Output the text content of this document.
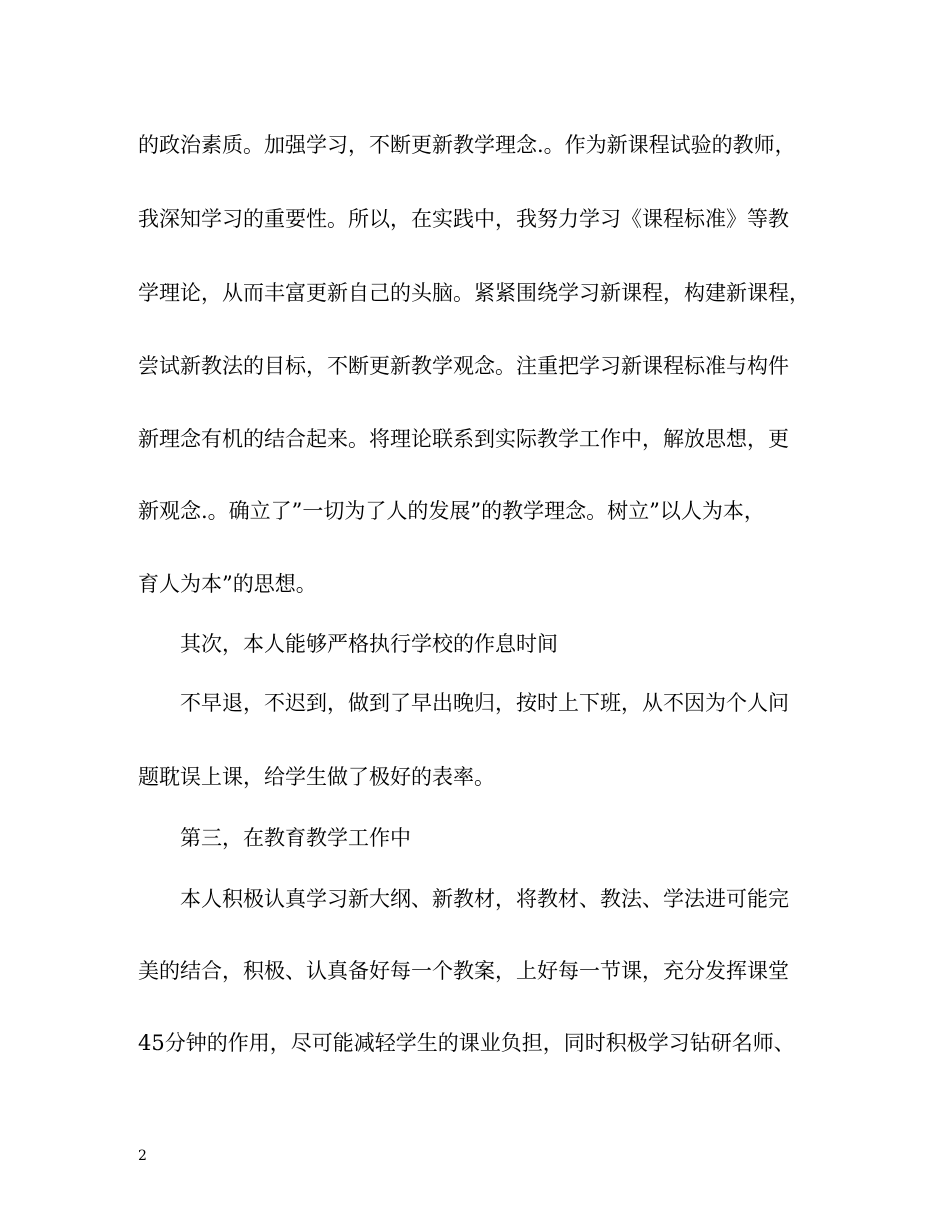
的政治素质。加强学习，不断更新教学理念.。作为新课程试验的教师，
我深知学习的重要性。所以，在实践中，我努力学习《课程标准》等教
学理论，从而丰富更新自己的头脑。紧紧围绕学习新课程，构建新课程，
尝试新教法的目标，不断更新教学观念。注重把学习新课程标准与构件
新理念有机的结合起来。将理论联系到实际教学工作中，解放思想，更
新观念.。确立了”一切为了人的发展”的教学理念。树立”以人为本，
育人为本”的思想。
其次，本人能够严格执行学校的作息时间
不早退，不迟到，做到了早出晚归，按时上下班，从不因为个人问
题耽误上课，给学生做了极好的表率。
第三，在教育教学工作中
本人积极认真学习新大纲、新教材，将教材、教法、学法进可能完
美的结合，积极、认真备好每一个教案，上好每一节课，充分发挥课堂
45分钟的作用，尽可能减轻学生的课业负担，同时积极学习钻研名师、
2
